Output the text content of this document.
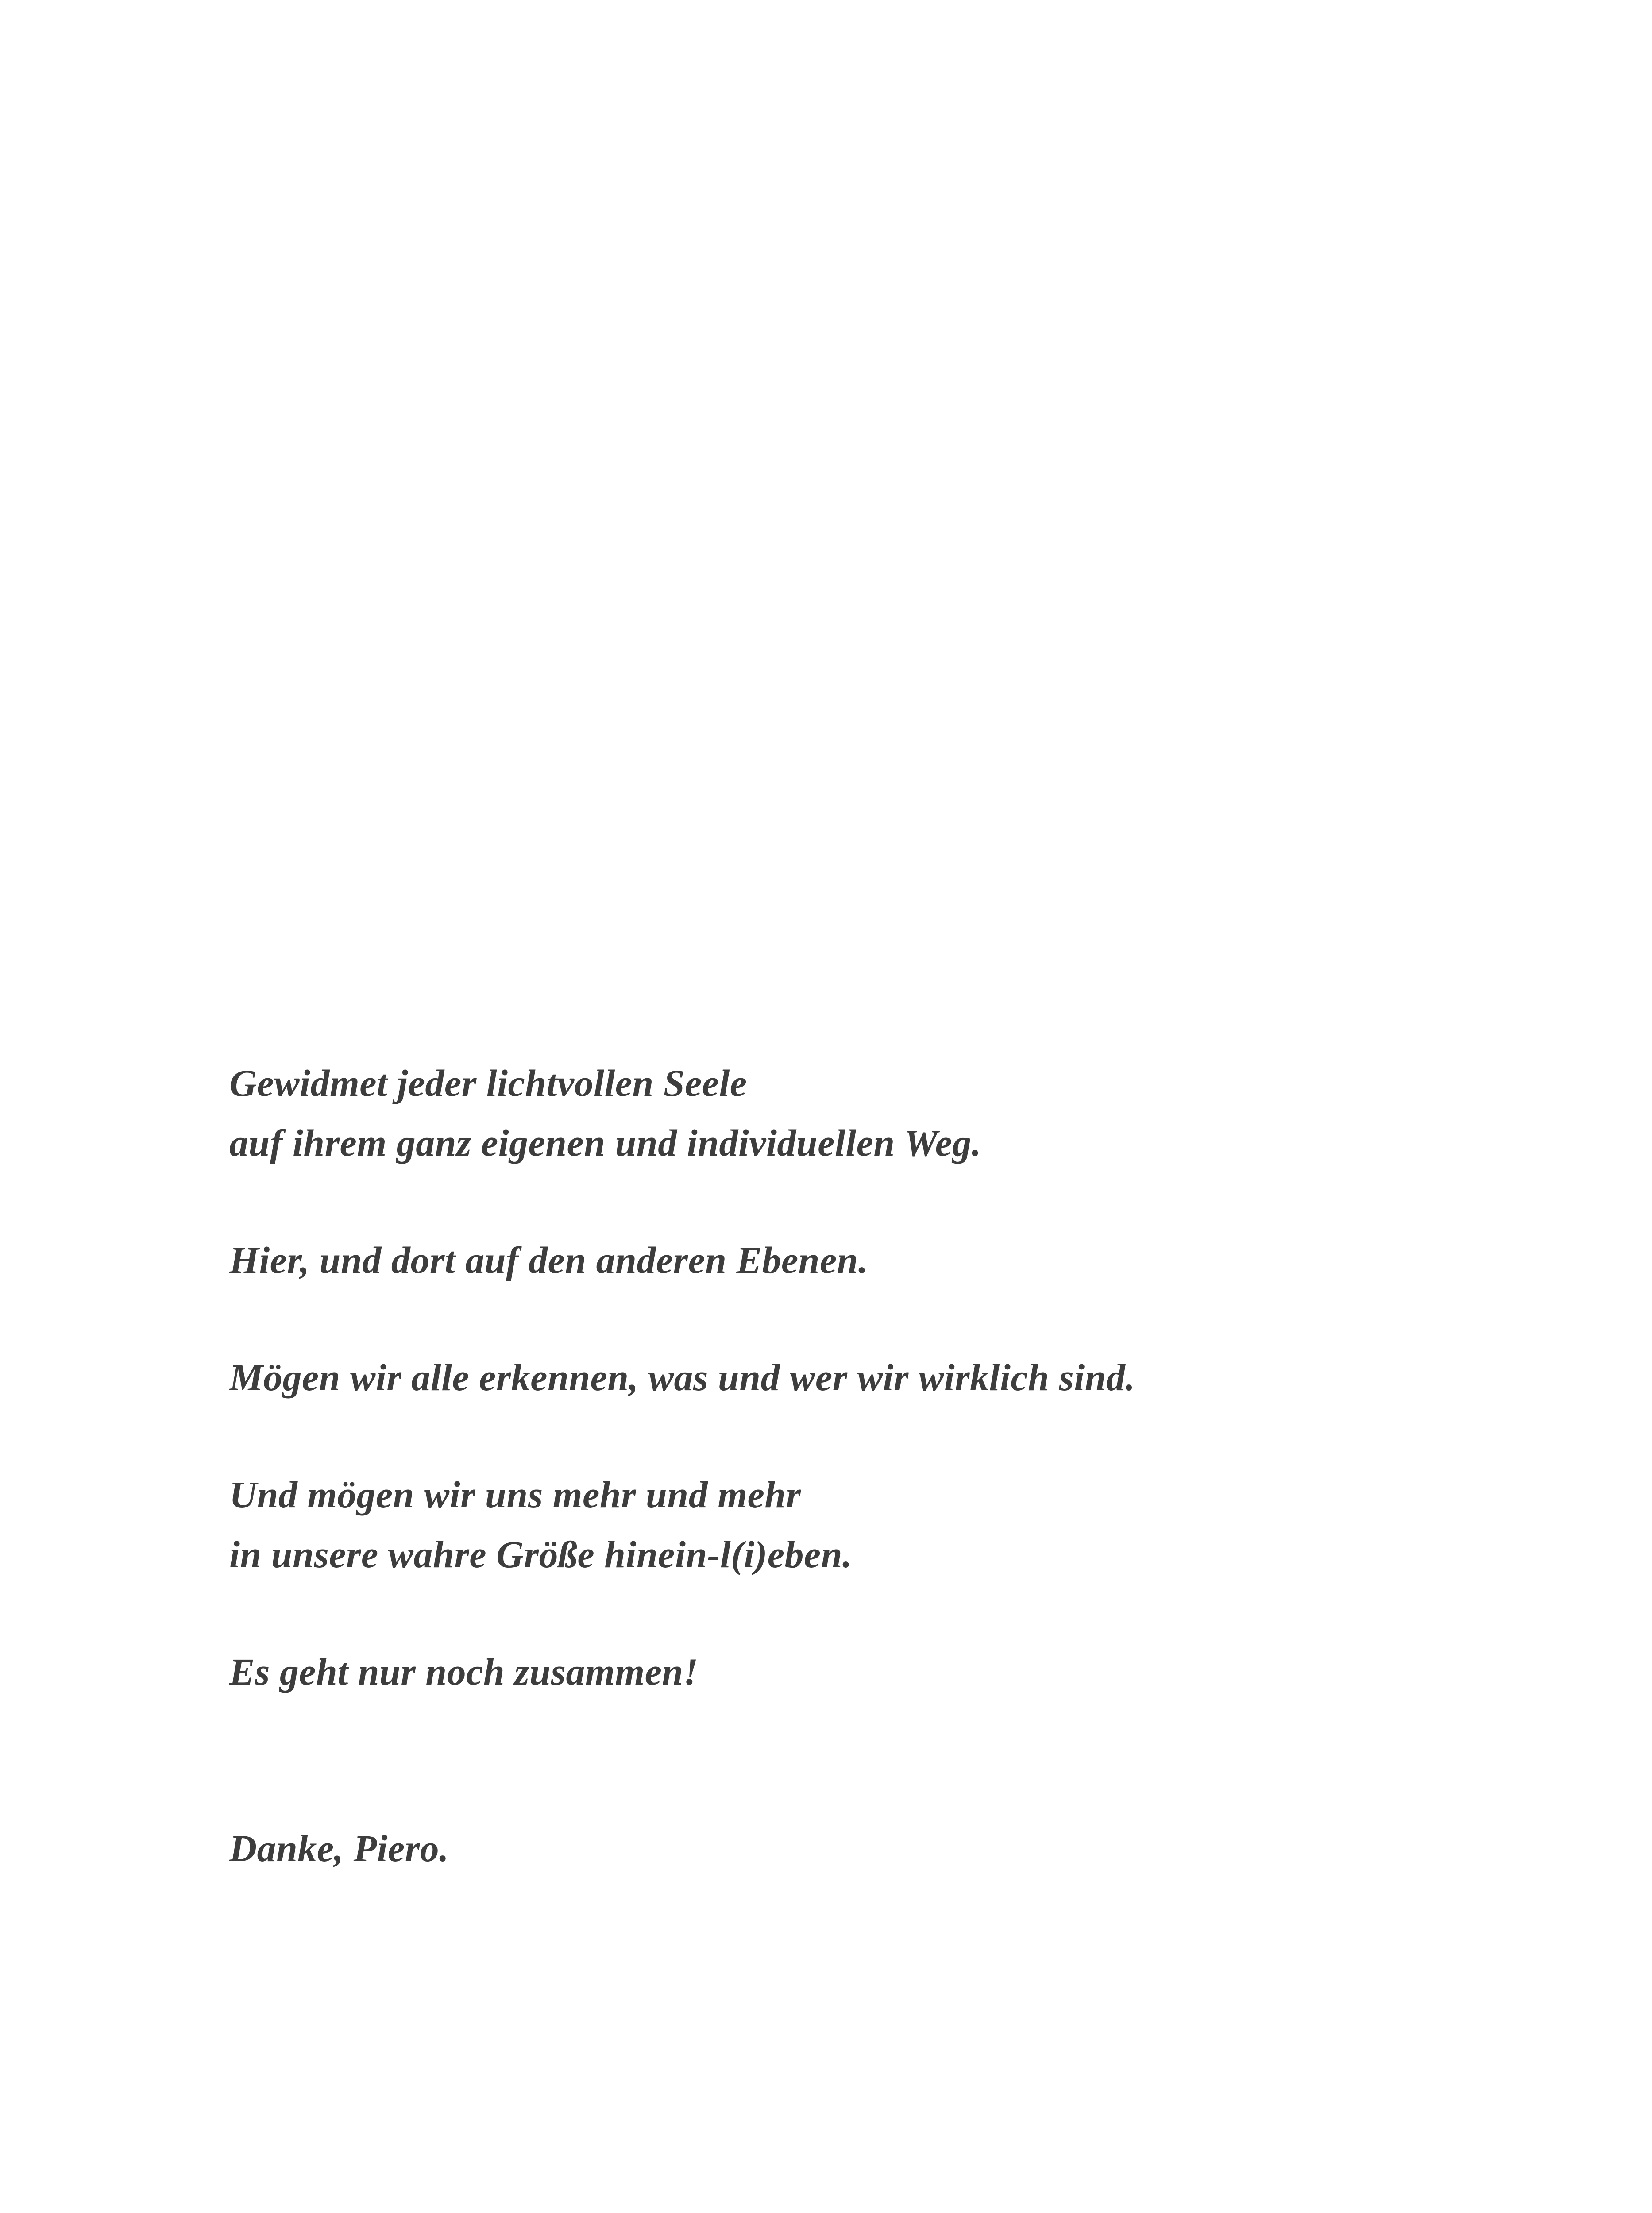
Gewidmet jeder lichtvollen Seele
auf ihrem ganz eigenen und individuellen Weg.
Hier, und dort auf den anderen Ebenen.
Mögen wir alle erkennen, was und wer wir wirklich sind.
Und mögen wir uns mehr und mehr
in unsere wahre Größe hinein-l(i)eben.
Es geht nur noch zusammen!
Danke, Piero.
